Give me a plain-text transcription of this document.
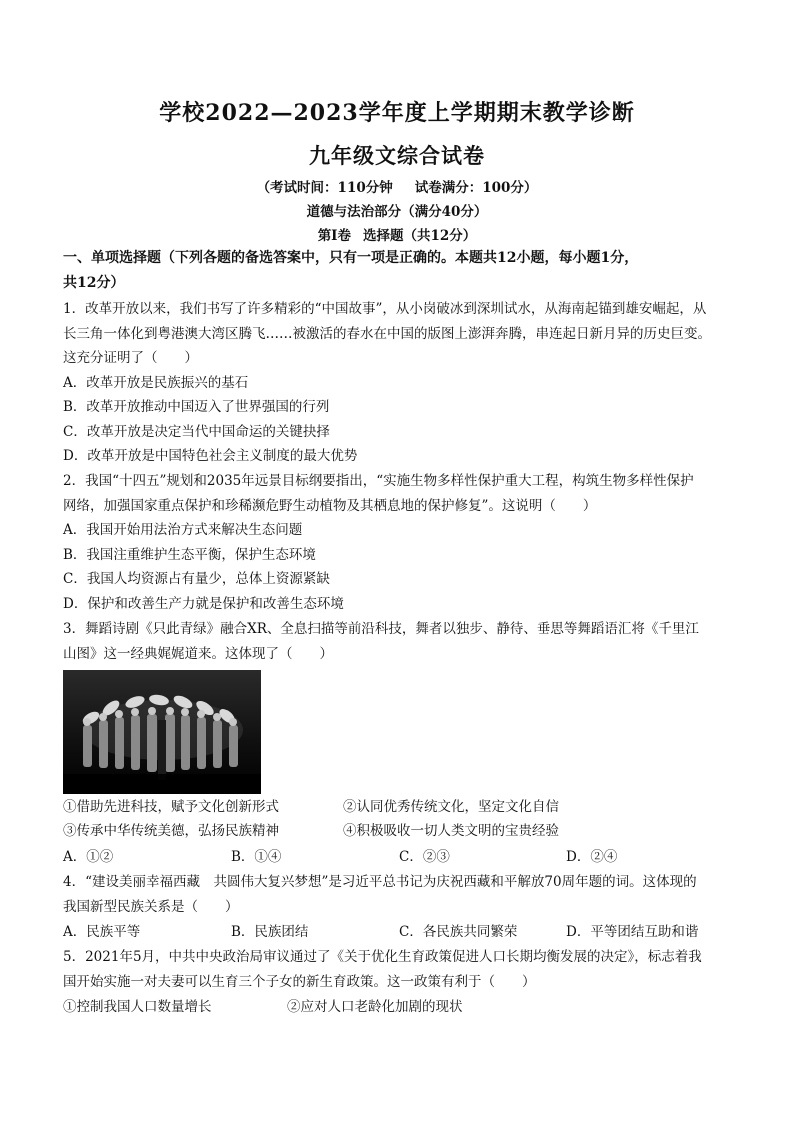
学校2022—2023学年度上学期期末教学诊断
九年级文综合试卷
（考试时间：110分钟 试卷满分：100分）
道德与法治部分（满分40分）
第Ⅰ卷 选择题（共12分）
一、单项选择题（下列各题的备选答案中，只有一项是正确的。本题共12小题，每小题1分，
共12分）
1．改革开放以来，我们书写了许多精彩的“中国故事”，从小岗破冰到深圳试水，从海南起锚到雄安崛起，从
长三角一体化到粤港澳大湾区腾飞……被激活的春水在中国的版图上澎湃奔腾，串连起日新月异的历史巨变。
这充分证明了（　　）
A．改革开放是民族振兴的基石
B．改革开放推动中国迈入了世界强国的行列
C．改革开放是决定当代中国命运的关键抉择
D．改革开放是中国特色社会主义制度的最大优势
2．我国“十四五”规划和2035年远景目标纲要指出，“实施生物多样性保护重大工程，构筑生物多样性保护
网络，加强国家重点保护和珍稀濒危野生动植物及其栖息地的保护修复”。这说明（　　）
A．我国开始用法治方式来解决生态问题
B．我国注重维护生态平衡，保护生态环境
C．我国人均资源占有量少，总体上资源紧缺
D．保护和改善生产力就是保护和改善生态环境
3．舞蹈诗剧《只此青绿》融合XR、全息扫描等前沿科技，舞者以独步、静待、垂思等舞蹈语汇将《千里江
山图》这一经典娓娓道来。这体现了（　　）
①借助先进科技，赋予文化创新形式	②认同优秀传统文化，坚定文化自信
③传承中华传统美德，弘扬民族精神	④积极吸收一切人类文明的宝贵经验
A．①②	B．①④	C．②③	D．②④
4．“建设美丽幸福西藏　共圆伟大复兴梦想”是习近平总书记为庆祝西藏和平解放70周年题的词。这体现的
我国新型民族关系是（　　）
A．民族平等	B．民族团结	C．各民族共同繁荣	D．平等团结互助和谐
5．2021年5月，中共中央政治局审议通过了《关于优化生育政策促进人口长期均衡发展的决定》，标志着我
国开始实施一对夫妻可以生育三个子女的新生育政策。这一政策有利于（　　）
①控制我国人口数量增长	②应对人口老龄化加剧的现状
